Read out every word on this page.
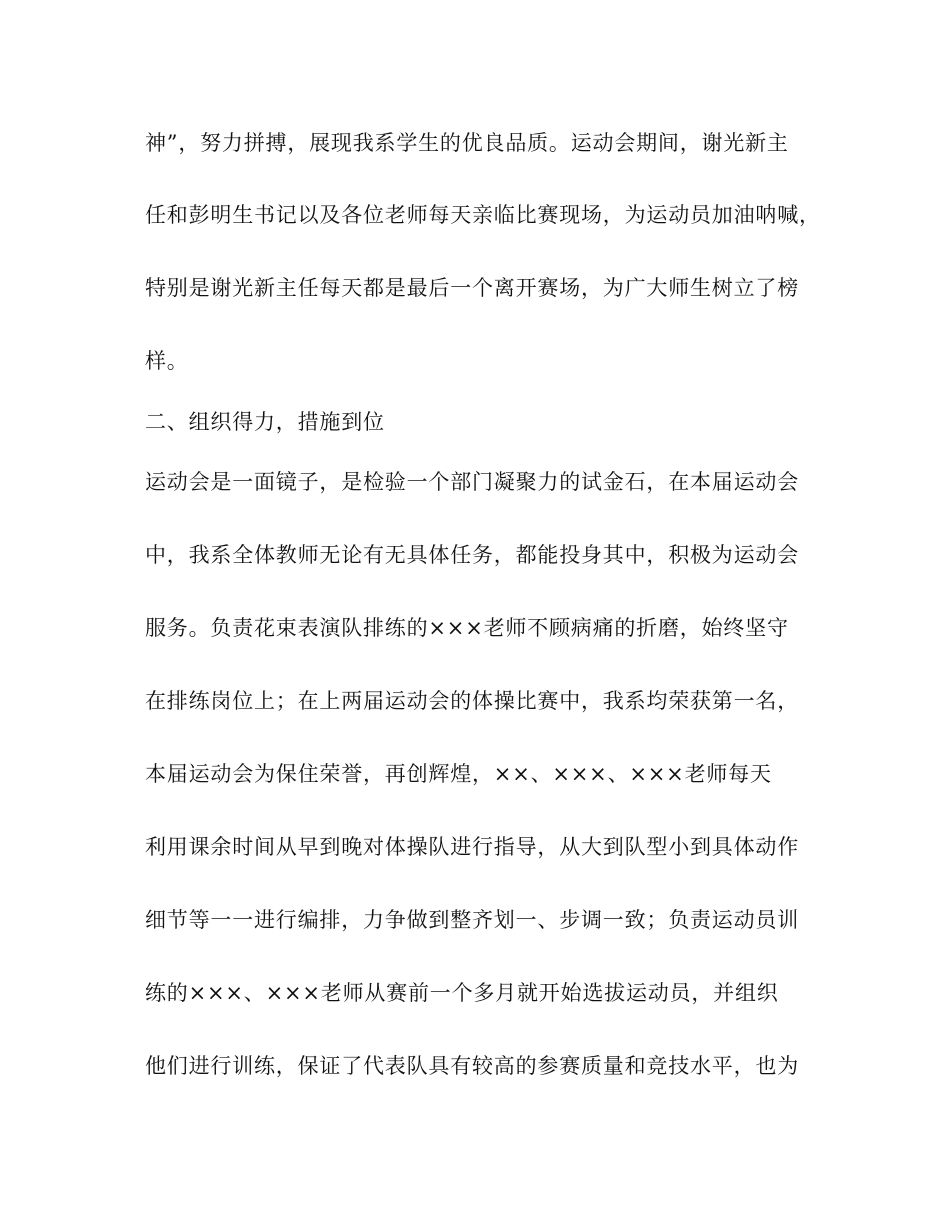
神”，努力拼搏，展现我系学生的优良品质。运动会期间，谢光新主

任和彭明生书记以及各位老师每天亲临比赛现场，为运动员加油呐喊，

特别是谢光新主任每天都是最后一个离开赛场，为广大师生树立了榜

样。

二、组织得力，措施到位

运动会是一面镜子，是检验一个部门凝聚力的试金石，在本届运动会

中，我系全体教师无论有无具体任务，都能投身其中，积极为运动会

服务。负责花束表演队排练的×××老师不顾病痛的折磨，始终坚守

在排练岗位上；在上两届运动会的体操比赛中，我系均荣获第一名，

本届运动会为保住荣誉，再创辉煌，××、×××、×××老师每天

利用课余时间从早到晚对体操队进行指导，从大到队型小到具体动作

细节等一一进行编排，力争做到整齐划一、步调一致；负责运动员训

练的×××、×××老师从赛前一个多月就开始选拔运动员，并组织

他们进行训练，保证了代表队具有较高的参赛质量和竞技水平，也为
